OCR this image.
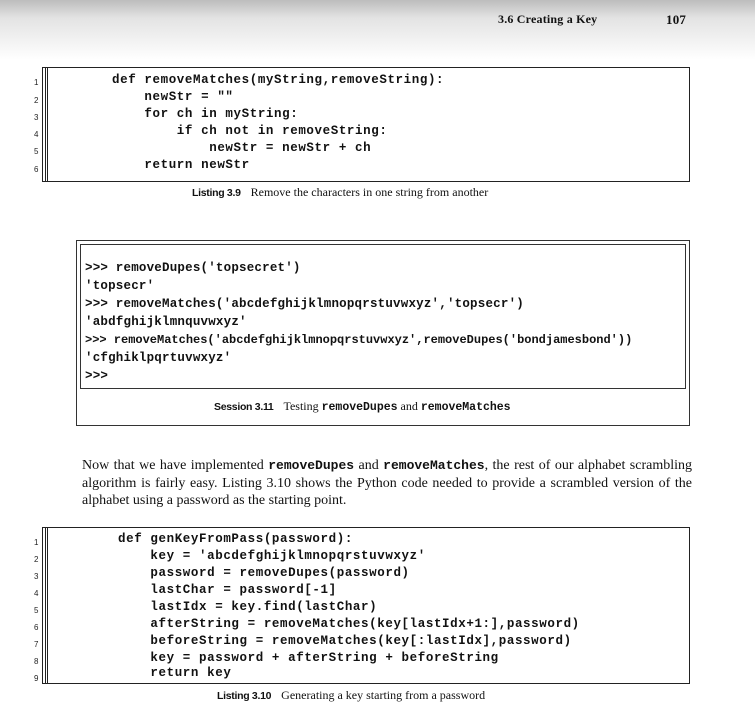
3.6 Creating a Key	107
1
2
3
4
5
6
def removeMatches(myString,removeString):
newStr = ""
for ch in myString:
if ch not in removeString:
newStr = newStr + ch
return newStr
Listing 3.9 Remove the characters in one string from another
>>> removeDupes('topsecret')
'topsecr'
>>> removeMatches('abcdefghijklmnopqrstuvwxyz','topsecr')
'abdfghijklmnquvwxyz'
>>> removeMatches('abcdefghijklmnopqrstuvwxyz',removeDupes('bondjamesbond'))
'cfghiklpqrtuvwxyz'
>>>
Session 3.11 Testing removeDupes and removeMatches
Now that we have implemented removeDupes and removeMatches, the rest of our alphabet scrambling algorithm is fairly easy. Listing 3.10 shows the Python code needed to provide a scrambled version of the alphabet using a password as the starting point.
1
2
3
4
5
6
7
8
9
def genKeyFromPass(password):
key = 'abcdefghijklmnopqrstuvwxyz'
password = removeDupes(password)
lastChar = password[-1]
lastIdx = key.find(lastChar)
afterString = removeMatches(key[lastIdx+1:],password)
beforeString = removeMatches(key[:lastIdx],password)
key = password + afterString + beforeString
return key
Listing 3.10 Generating a key starting from a password
